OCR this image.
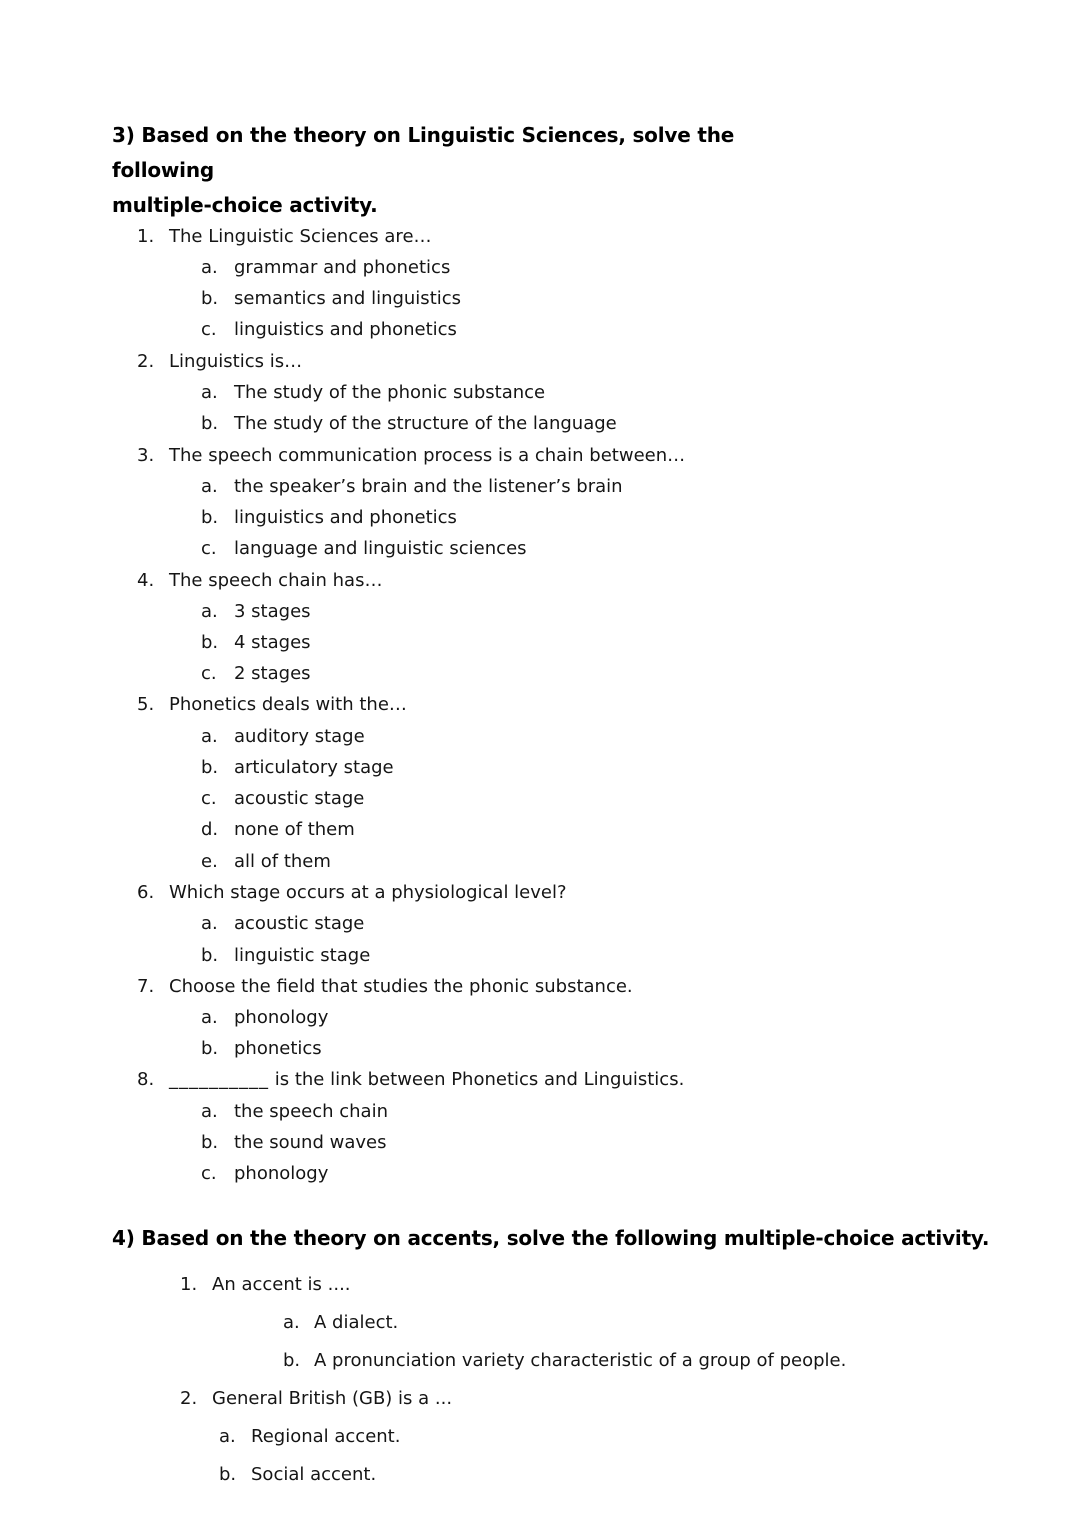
3) Based on the theory on Linguistic Sciences, solve the following
multiple-choice activity.
1. The Linguistic Sciences are…
a. grammar and phonetics
b. semantics and linguistics
c. linguistics and phonetics
2. Linguistics is…
a. The study of the phonic substance
b. The study of the structure of the language
3. The speech communication process is a chain between…
a. the speaker’s brain and the listener’s brain
b. linguistics and phonetics
c. language and linguistic sciences
4. The speech chain has…
a. 3 stages
b. 4 stages
c. 2 stages
5. Phonetics deals with the…
a. auditory stage
b. articulatory stage
c. acoustic stage
d. none of them
e. all of them
6. Which stage occurs at a physiological level?
a. acoustic stage
b. linguistic stage
7. Choose the field that studies the phonic substance.
a. phonology
b. phonetics
8. __________ is the link between Phonetics and Linguistics.
a. the speech chain
b. the sound waves
c. phonology
4) Based on the theory on accents, solve the following multiple-choice activity.
1. An accent is ....
a. A dialect.
b. A pronunciation variety characteristic of a group of people.
2. General British (GB) is a ...
a. Regional accent.
b. Social accent.
